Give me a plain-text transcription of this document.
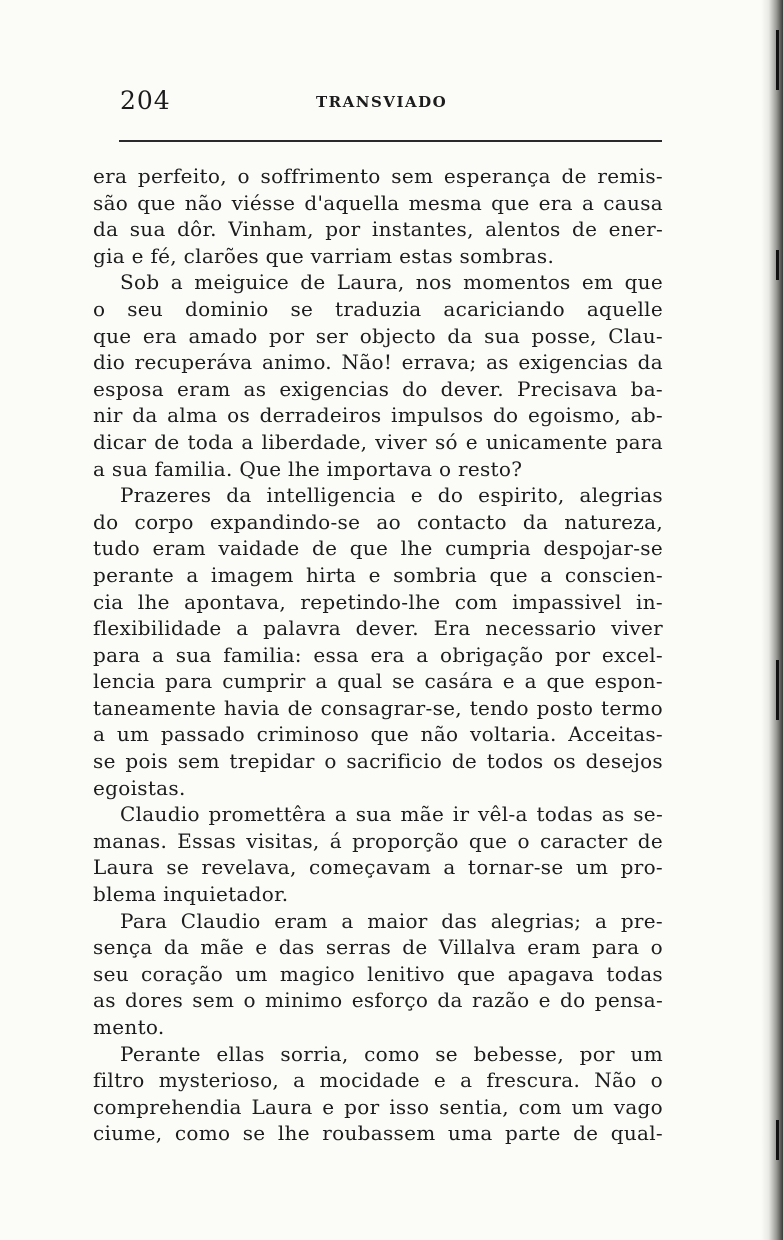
204	TRANSVIADO
era perfeito, o soffrimento sem esperança de remis-
são que não viésse d'aquella mesma que era a causa
da sua dôr. Vinham, por instantes, alentos de ener-
gia e fé, clarões que varriam estas sombras.
Sob a meiguice de Laura, nos momentos em que
o seu dominio se traduzia acariciando aquelle
que era amado por ser objecto da sua posse, Clau-
dio recuperáva animo. Não! errava; as exigencias da
esposa eram as exigencias do dever. Precisava ba-
nir da alma os derradeiros impulsos do egoismo, ab-
dicar de toda a liberdade, viver só e unicamente para
a sua familia. Que lhe importava o resto?
Prazeres da intelligencia e do espirito, alegrias
do corpo expandindo-se ao contacto da natureza,
tudo eram vaidade de que lhe cumpria despojar-se
perante a imagem hirta e sombria que a conscien-
cia lhe apontava, repetindo-lhe com impassivel in-
flexibilidade a palavra dever. Era necessario viver
para a sua familia: essa era a obrigação por excel-
lencia para cumprir a qual se casára e a que espon-
taneamente havia de consagrar-se, tendo posto termo
a um passado criminoso que não voltaria. Acceitas-
se pois sem trepidar o sacrificio de todos os desejos
egoistas.
Claudio promettêra a sua mãe ir vêl-a todas as se-
manas. Essas visitas, á proporção que o caracter de
Laura se revelava, começavam a tornar-se um pro-
blema inquietador.
Para Claudio eram a maior das alegrias; a pre-
sença da mãe e das serras de Villalva eram para o
seu coração um magico lenitivo que apagava todas
as dores sem o minimo esforço da razão e do pensa-
mento.
Perante ellas sorria, como se bebesse, por um
filtro mysterioso, a mocidade e a frescura. Não o
comprehendia Laura e por isso sentia, com um vago
ciume, como se lhe roubassem uma parte de qual-
